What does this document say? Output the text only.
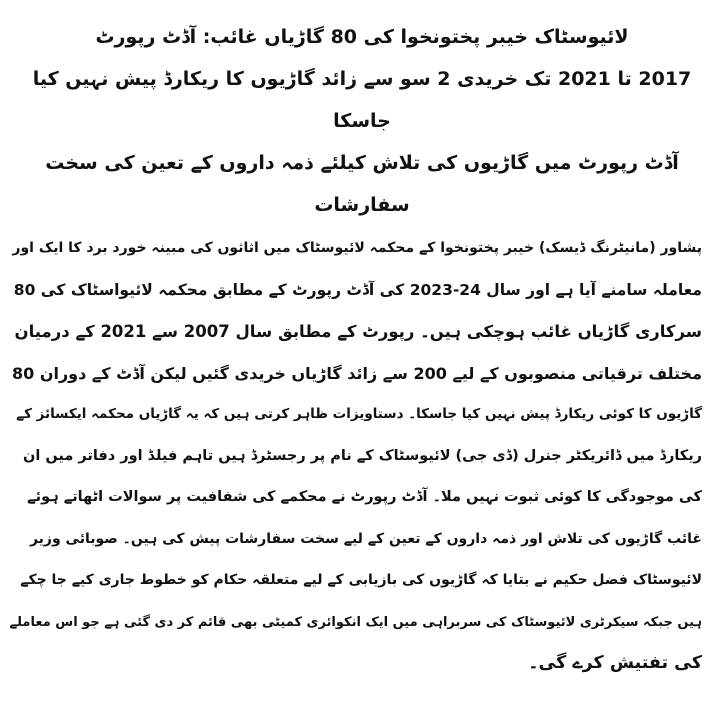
لائیوسٹاک خیبر پختونخوا کی 80 گاڑیاں غائب: آڈٹ رپورٹ

2017 تا 2021 تک خریدی 2 سو سے زائد گاڑیوں کا ریکارڈ پیش نہیں کیا جاسکا

آڈٹ رپورٹ میں گاڑیوں کی تلاش کیلئے ذمہ داروں کے تعین کی سخت سفارشات

پشاور (مانیٹرنگ ڈیسک) خیبر پختونخوا کے محکمہ لائیوسٹاک میں اثاثوں کی مبینہ خورد برد کا ایک اور

معاملہ سامنے آیا ہے اور سال 24-2023 کی آڈٹ رپورٹ کے مطابق محکمہ لائیواسٹاک کی 80

سرکاری گاڑیاں غائب ہوچکی ہیں۔ رپورٹ کے مطابق سال 2007 سے 2021 کے درمیان

مختلف ترقیاتی منصوبوں کے لیے 200 سے زائد گاڑیاں خریدی گئیں لیکن آڈٹ کے دوران 80

گاڑیوں کا کوئی ریکارڈ پیش نہیں کیا جاسکا۔ دستاویزات ظاہر کرتی ہیں کہ یہ گاڑیاں محکمہ ایکسائز کے

ریکارڈ میں ڈائریکٹر جنرل (ڈی جی) لائیوسٹاک کے نام پر رجسٹرڈ ہیں تاہم فیلڈ اور دفاتر میں ان

کی موجودگی کا کوئی ثبوت نہیں ملا۔ آڈٹ رپورٹ نے محکمے کی شفافیت پر سوالات اٹھاتے ہوئے

غائب گاڑیوں کی تلاش اور ذمہ داروں کے تعین کے لیے سخت سفارشات پیش کی ہیں۔ صوبائی وزیر

لائیوسٹاک فضل حکیم نے بتایا کہ گاڑیوں کی بازیابی کے لیے متعلقہ حکام کو خطوط جاری کیے جا چکے

ہیں جبکہ سیکرٹری لائیوسٹاک کی سربراہی میں ایک انکوائری کمیٹی بھی قائم کر دی گئی ہے جو اس معاملے

کی تفتیش کرے گی۔
